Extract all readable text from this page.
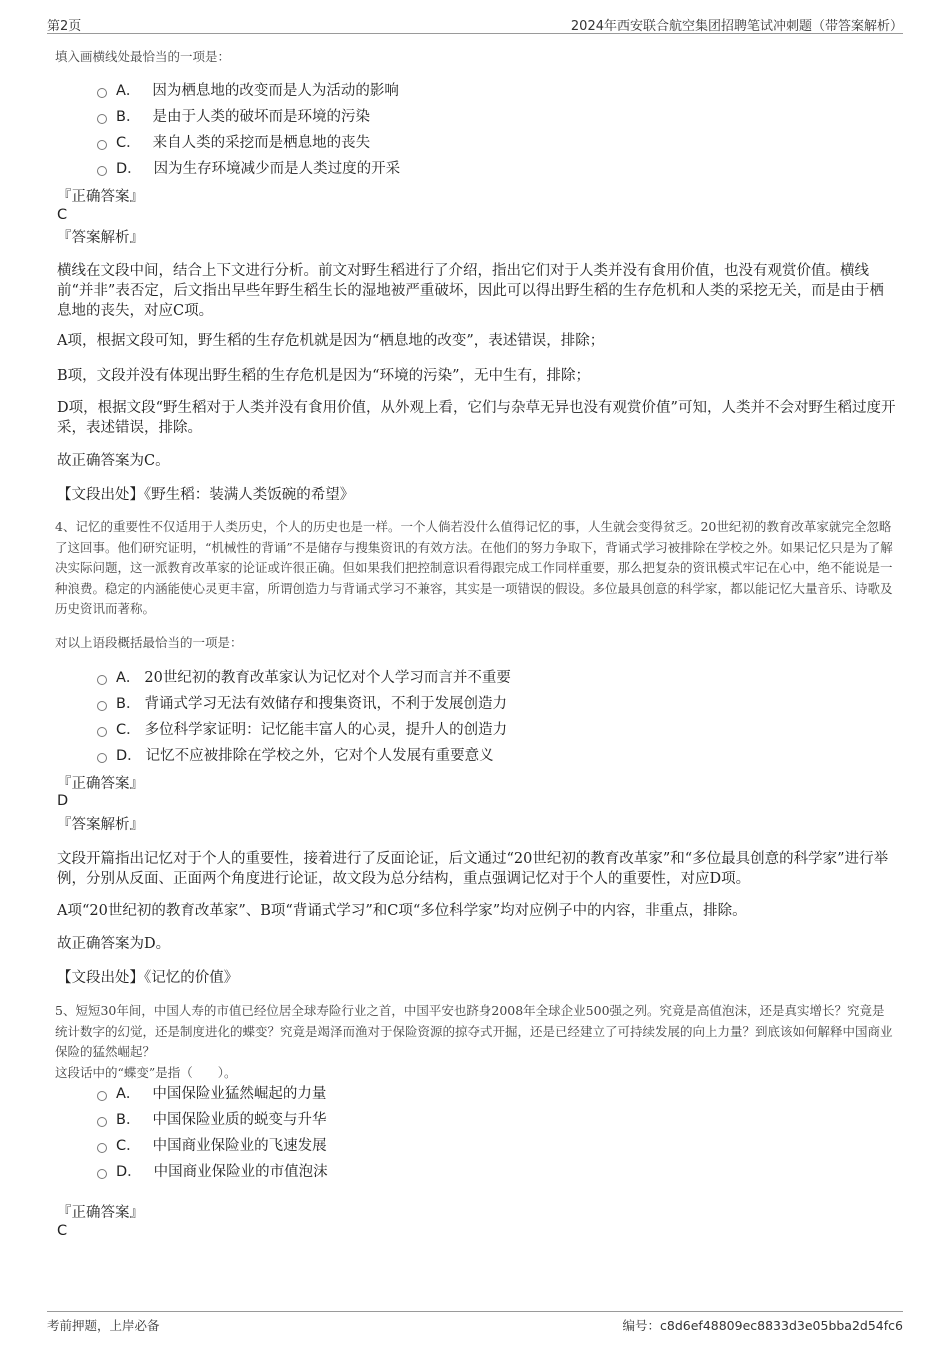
第2页	2024年西安联合航空集团招聘笔试冲刺题（带答案解析）
填入画横线处最恰当的一项是：
A． 因为栖息地的改变而是人为活动的影响
B． 是由于人类的破坏而是环境的污染
C． 来自人类的采挖而是栖息地的丧失
D． 因为生存环境减少而是人类过度的开采
『正确答案』
C
『答案解析』
横线在文段中间，结合上下文进行分析。前文对野生稻进行了介绍，指出它们对于人类并没有食用价值，也没有观赏价值。横线前“并非”表否定，后文指出早些年野生稻生长的湿地被严重破坏，因此可以得出野生稻的生存危机和人类的采挖无关，而是由于栖息地的丧失，对应C项。
A项，根据文段可知，野生稻的生存危机就是因为“栖息地的改变”，表述错误，排除；
B项，文段并没有体现出野生稻的生存危机是因为“环境的污染”，无中生有，排除；
D项，根据文段“野生稻对于人类并没有食用价值，从外观上看，它们与杂草无异也没有观赏价值”可知，人类并不会对野生稻过度开采，表述错误，排除。
故正确答案为C。
【文段出处】《野生稻：装满人类饭碗的希望》
4、记忆的重要性不仅适用于人类历史，个人的历史也是一样。一个人倘若没什么值得记忆的事，人生就会变得贫乏。20世纪初的教育改革家就完全忽略了这回事。他们研究证明，“机械性的背诵”不是储存与搜集资讯的有效方法。在他们的努力争取下，背诵式学习被排除在学校之外。如果记忆只是为了解决实际问题，这一派教育改革家的论证或许很正确。但如果我们把控制意识看得跟完成工作同样重要，那么把复杂的资讯模式牢记在心中，绝不能说是一种浪费。稳定的内涵能使心灵更丰富，所谓创造力与背诵式学习不兼容，其实是一项错误的假设。多位最具创意的科学家，都以能记忆大量音乐、诗歌及历史资讯而著称。
对以上语段概括最恰当的一项是：
A． 20世纪初的教育改革家认为记忆对个人学习而言并不重要
B． 背诵式学习无法有效储存和搜集资讯，不利于发展创造力
C． 多位科学家证明：记忆能丰富人的心灵，提升人的创造力
D． 记忆不应被排除在学校之外，它对个人发展有重要意义
『正确答案』
D
『答案解析』
文段开篇指出记忆对于个人的重要性，接着进行了反面论证，后文通过“20世纪初的教育改革家”和“多位最具创意的科学家”进行举例，分别从反面、正面两个角度进行论证，故文段为总分结构，重点强调记忆对于个人的重要性，对应D项。
A项“20世纪初的教育改革家”、B项“背诵式学习”和C项“多位科学家”均对应例子中的内容，非重点，排除。
故正确答案为D。
【文段出处】《记忆的价值》
5、短短30年间，中国人寿的市值已经位居全球寿险行业之首，中国平安也跻身2008年全球企业500强之列。究竟是高值泡沫，还是真实增长？究竟是统计数字的幻觉，还是制度进化的蝶变？究竟是竭泽而渔对于保险资源的掠夺式开掘，还是已经建立了可持续发展的向上力量？到底该如何解释中国商业保险的猛然崛起？
这段话中的“蝶变”是指（　　）。
A． 中国保险业猛然崛起的力量
B． 中国保险业质的蜕变与升华
C． 中国商业保险业的飞速发展
D． 中国商业保险业的市值泡沫
『正确答案』
C
考前押题，上岸必备	编号：c8d6ef48809ec8833d3e05bba2d54fc6
